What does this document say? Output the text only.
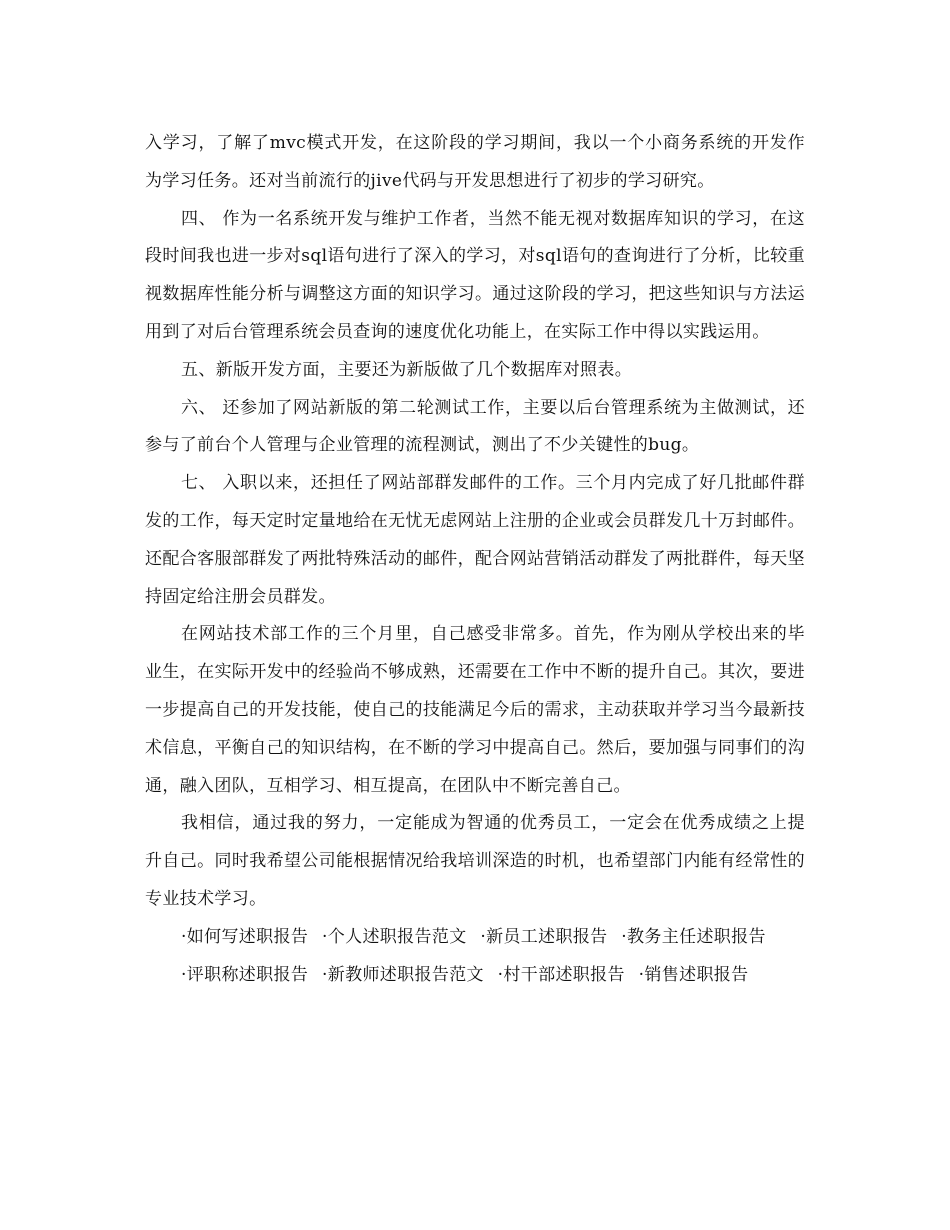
入学习，了解了mvc模式开发，在这阶段的学习期间，我以一个小商务系统的开发作为学习任务。还对当前流行的jive代码与开发思想进行了初步的学习研究。

四、 作为一名系统开发与维护工作者，当然不能无视对数据库知识的学习，在这段时间我也进一步对sql语句进行了深入的学习，对sql语句的查询进行了分析，比较重视数据库性能分析与调整这方面的知识学习。通过这阶段的学习，把这些知识与方法运用到了对后台管理系统会员查询的速度优化功能上，在实际工作中得以实践运用。

五、新版开发方面，主要还为新版做了几个数据库对照表。

六、 还参加了网站新版的第二轮测试工作，主要以后台管理系统为主做测试，还参与了前台个人管理与企业管理的流程测试，测出了不少关键性的bug。

七、 入职以来，还担任了网站部群发邮件的工作。三个月内完成了好几批邮件群发的工作，每天定时定量地给在无忧无虑网站上注册的企业或会员群发几十万封邮件。还配合客服部群发了两批特殊活动的邮件，配合网站营销活动群发了两批群件，每天坚持固定给注册会员群发。

在网站技术部工作的三个月里，自己感受非常多。首先，作为刚从学校出来的毕业生，在实际开发中的经验尚不够成熟，还需要在工作中不断的提升自己。其次，要进一步提高自己的开发技能，使自己的技能满足今后的需求，主动获取并学习当今最新技术信息，平衡自己的知识结构，在不断的学习中提高自己。然后，要加强与同事们的沟通，融入团队，互相学习、相互提高，在团队中不断完善自己。

我相信，通过我的努力，一定能成为智通的优秀员工，一定会在优秀成绩之上提升自己。同时我希望公司能根据情况给我培训深造的时机，也希望部门内能有经常性的专业技术学习。

·如何写述职报告 ·个人述职报告范文 ·新员工述职报告 ·教务主任述职报告

·评职称述职报告 ·新教师述职报告范文 ·村干部述职报告 ·销售述职报告
